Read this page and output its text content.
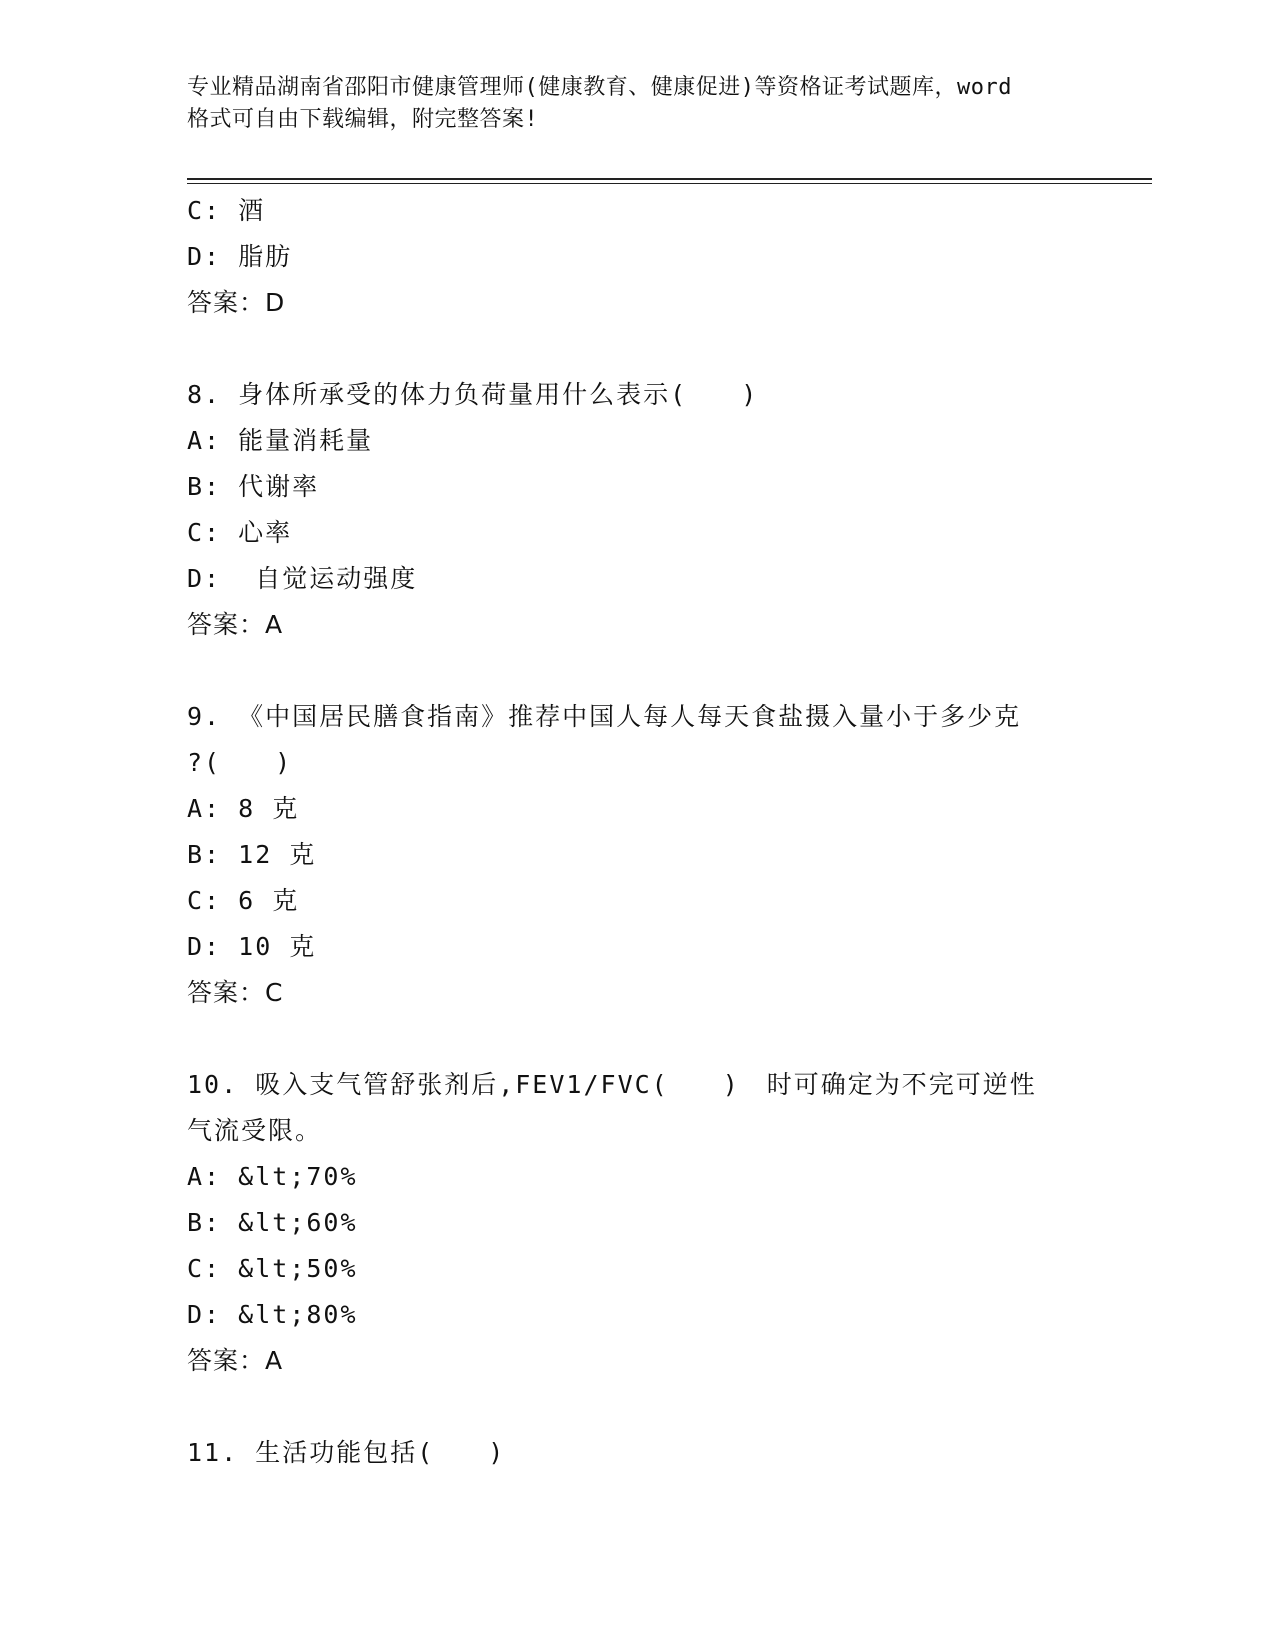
专业精品湖南省邵阳市健康管理师(健康教育、健康促进)等资格证考试题库，word
格式可自由下载编辑，附完整答案!
C: 酒
D: 脂肪
答案：D
8. 身体所承受的体力负荷量用什么表示(　　)
A: 能量消耗量
B: 代谢率
C: 心率
D:  自觉运动强度
答案：A
9. 《中国居民膳食指南》推荐中国人每人每天食盐摄入量小于多少克
?(　　)
A: 8 克
B: 12 克
C: 6 克
D: 10 克
答案：C
10. 吸入支气管舒张剂后,FEV1/FVC(　　)　时可确定为不完可逆性
气流受限。
A: &lt;70%
B: &lt;60%
C: &lt;50%
D: &lt;80%
答案：A
11. 生活功能包括(　　)
